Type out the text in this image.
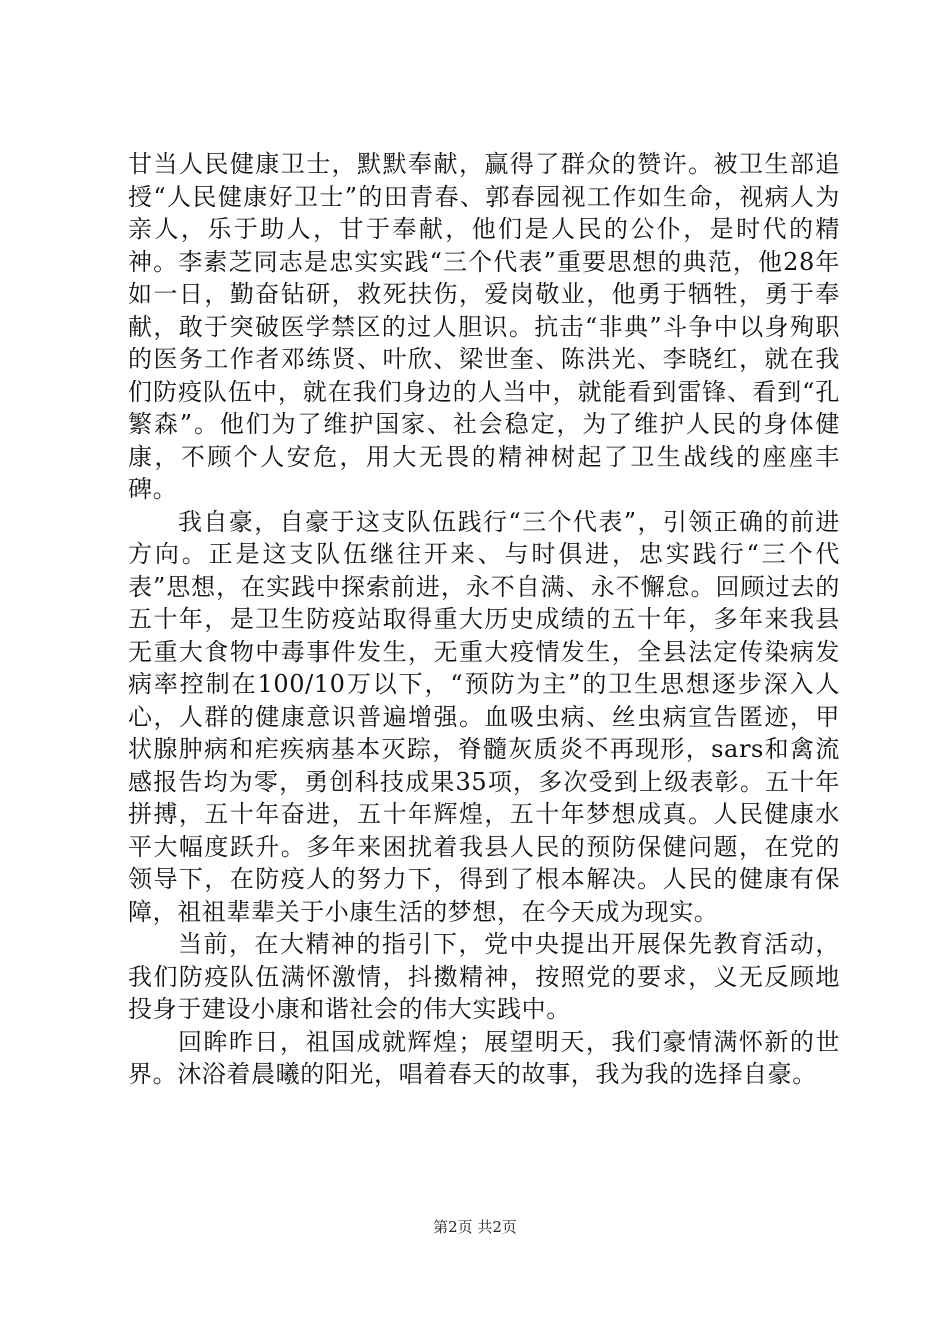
甘当人民健康卫士，默默奉献，赢得了群众的赞许。被卫生部追授“人民健康好卫士”的田青春、郭春园视工作如生命，视病人为亲人，乐于助人，甘于奉献，他们是人民的公仆，是时代的精神。李素芝同志是忠实实践“三个代表”重要思想的典范，他28年如一日，勤奋钻研，救死扶伤，爱岗敬业，他勇于牺牲，勇于奉献，敢于突破医学禁区的过人胆识。抗击“非典”斗争中以身殉职的医务工作者邓练贤、叶欣、梁世奎、陈洪光、李晓红，就在我们防疫队伍中，就在我们身边的人当中，就能看到雷锋、看到“孔繁森”。他们为了维护国家、社会稳定，为了维护人民的身体健康，不顾个人安危，用大无畏的精神树起了卫生战线的座座丰碑。

我自豪，自豪于这支队伍践行“三个代表”，引领正确的前进方向。正是这支队伍继往开来、与时俱进，忠实践行“三个代表”思想，在实践中探索前进，永不自满、永不懈怠。回顾过去的五十年，是卫生防疫站取得重大历史成绩的五十年，多年来我县无重大食物中毒事件发生，无重大疫情发生，全县法定传染病发病率控制在100/10万以下，“预防为主”的卫生思想逐步深入人心，人群的健康意识普遍增强。血吸虫病、丝虫病宣告匿迹，甲状腺肿病和疟疾病基本灭踪，脊髓灰质炎不再现形，sars和禽流感报告均为零，勇创科技成果35项，多次受到上级表彰。五十年拼搏，五十年奋进，五十年辉煌，五十年梦想成真。人民健康水平大幅度跃升。多年来困扰着我县人民的预防保健问题，在党的领导下，在防疫人的努力下，得到了根本解决。人民的健康有保障，祖祖辈辈关于小康生活的梦想，在今天成为现实。

当前，在大精神的指引下，党中央提出开展保先教育活动，我们防疫队伍满怀激情，抖擞精神，按照党的要求，义无反顾地投身于建设小康和谐社会的伟大实践中。

回眸昨日，祖国成就辉煌；展望明天，我们豪情满怀新的世界。沐浴着晨曦的阳光，唱着春天的故事，我为我的选择自豪。

第2页 共2页
